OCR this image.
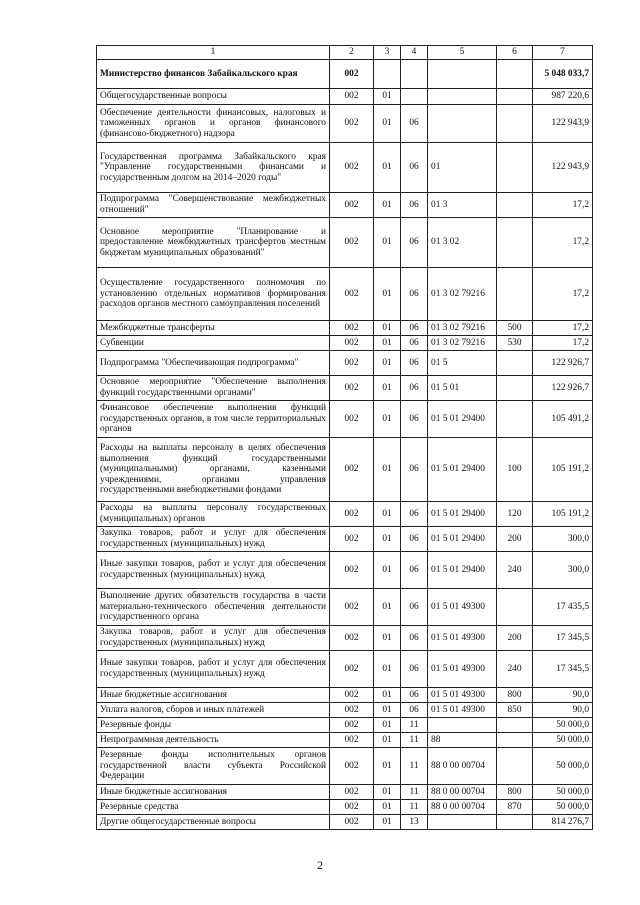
1	2	3	4	5	6	7
Министерство финансов Забайкальского края	002					5 048 033,7
Общегосударственные вопросы	002	01				987 220,6
Обеспечение деятельности финансовых, налоговых и таможенных органов и органов финансового (финансово-бюджетного) надзора	002	01	06			122 943,9
Государственная программа Забайкальского края "Управление государственными финансами и государственным долгом на 2014–2020 годы"	002	01	06	01		122 943,9
Подпрограмма "Совершенствование межбюджетных отношений"	002	01	06	01 3		17,2
Основное мероприятие "Планирование и предоставление межбюджетных трансфертов местным бюджетам муниципальных образований"	002	01	06	01 3 02		17,2
Осуществление государственного полномочия по установлению отдельных нормативов формирования расходов органов местного самоуправления поселений	002	01	06	01 3 02 79216		17,2
Межбюджетные трансферты	002	01	06	01 3 02 79216	500	17,2
Субвенции	002	01	06	01 3 02 79216	530	17,2
Подпрограмма "Обеспечивающая подпрограмма"	002	01	06	01 5		122 926,7
Основное мероприятие "Обеспечение выполнения функций государственными органами"	002	01	06	01 5 01		122 926,7
Финансовое обеспечение выполнения функций государственных органов, в том числе территориальных органов	002	01	06	01 5 01 29400		105 491,2
Расходы на выплаты персоналу в целях обеспечения выполнения функций государственными (муниципальными) органами, казенными учреждениями, органами управления государственными внебюджетными фондами	002	01	06	01 5 01 29400	100	105 191,2
Расходы на выплаты персоналу государственных (муниципальных) органов	002	01	06	01 5 01 29400	120	105 191,2
Закупка товаров, работ и услуг для обеспечения государственных (муниципальных) нужд	002	01	06	01 5 01 29400	200	300,0
Иные закупки товаров, работ и услуг для обеспечения государственных (муниципальных) нужд	002	01	06	01 5 01 29400	240	300,0
Выполнение других обязательств государства в части материально-технического обеспечения деятельности государственного органа	002	01	06	01 5 01 49300		17 435,5
Закупка товаров, работ и услуг для обеспечения государственных (муниципальных) нужд	002	01	06	01 5 01 49300	200	17 345,5
Иные закупки товаров, работ и услуг для обеспечения государственных (муниципальных) нужд	002	01	06	01 5 01 49300	240	17 345,5
Иные бюджетные ассигнования	002	01	06	01 5 01 49300	800	90,0
Уплата налогов, сборов и иных платежей	002	01	06	01 5 01 49300	850	90,0
Резервные фонды	002	01	11			50 000,0
Непрограммная деятельность	002	01	11	88		50 000,0
Резервные фонды исполнительных органов государственной власти субъекта Российской Федерации	002	01	11	88 0 00 00704		50 000,0
Иные бюджетные ассигнования	002	01	11	88 0 00 00704	800	50 000,0
Резервные средства	002	01	11	88 0 00 00704	870	50 000,0
Другие общегосударственные вопросы	002	01	13			814 276,7
2
